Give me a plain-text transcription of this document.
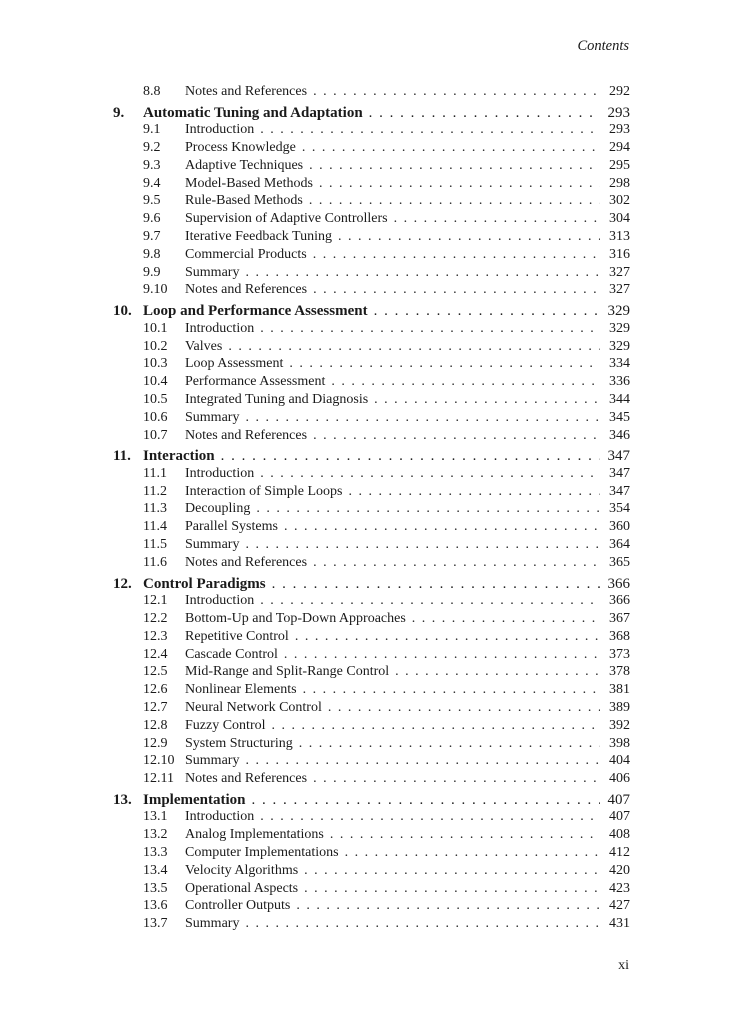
Contents
8.8	Notes and References . . .	292
9.	Automatic Tuning and Adaptation . . .	293
9.1	Introduction . . .	293
9.2	Process Knowledge . . .	294
9.3	Adaptive Techniques . . .	295
9.4	Model-Based Methods . . .	298
9.5	Rule-Based Methods . . .	302
9.6	Supervision of Adaptive Controllers . . .	304
9.7	Iterative Feedback Tuning . . .	313
9.8	Commercial Products . . .	316
9.9	Summary . . .	327
9.10	Notes and References . . .	327
10. Loop and Performance Assessment . . .	329
10.1	Introduction . . .	329
10.2	Valves . . .	329
10.3	Loop Assessment . . .	334
10.4	Performance Assessment . . .	336
10.5	Integrated Tuning and Diagnosis . . .	344
10.6	Summary . . .	345
10.7	Notes and References . . .	346
11. Interaction . . .	347
11.1	Introduction . . .	347
11.2	Interaction of Simple Loops . . .	347
11.3	Decoupling . . .	354
11.4	Parallel Systems . . .	360
11.5	Summary . . .	364
11.6	Notes and References . . .	365
12. Control Paradigms . . .	366
12.1	Introduction . . .	366
12.2	Bottom-Up and Top-Down Approaches . . .	367
12.3	Repetitive Control . . .	368
12.4	Cascade Control . . .	373
12.5	Mid-Range and Split-Range Control . . .	378
12.6	Nonlinear Elements . . .	381
12.7	Neural Network Control . . .	389
12.8	Fuzzy Control . . .	392
12.9	System Structuring . . .	398
12.10 Summary . . .	404
12.11 Notes and References . . .	406
13. Implementation . . .	407
13.1	Introduction . . .	407
13.2	Analog Implementations . . .	408
13.3	Computer Implementations . . .	412
13.4	Velocity Algorithms . . .	420
13.5	Operational Aspects . . .	423
13.6	Controller Outputs . . .	427
13.7	Summary . . .	431
xi
